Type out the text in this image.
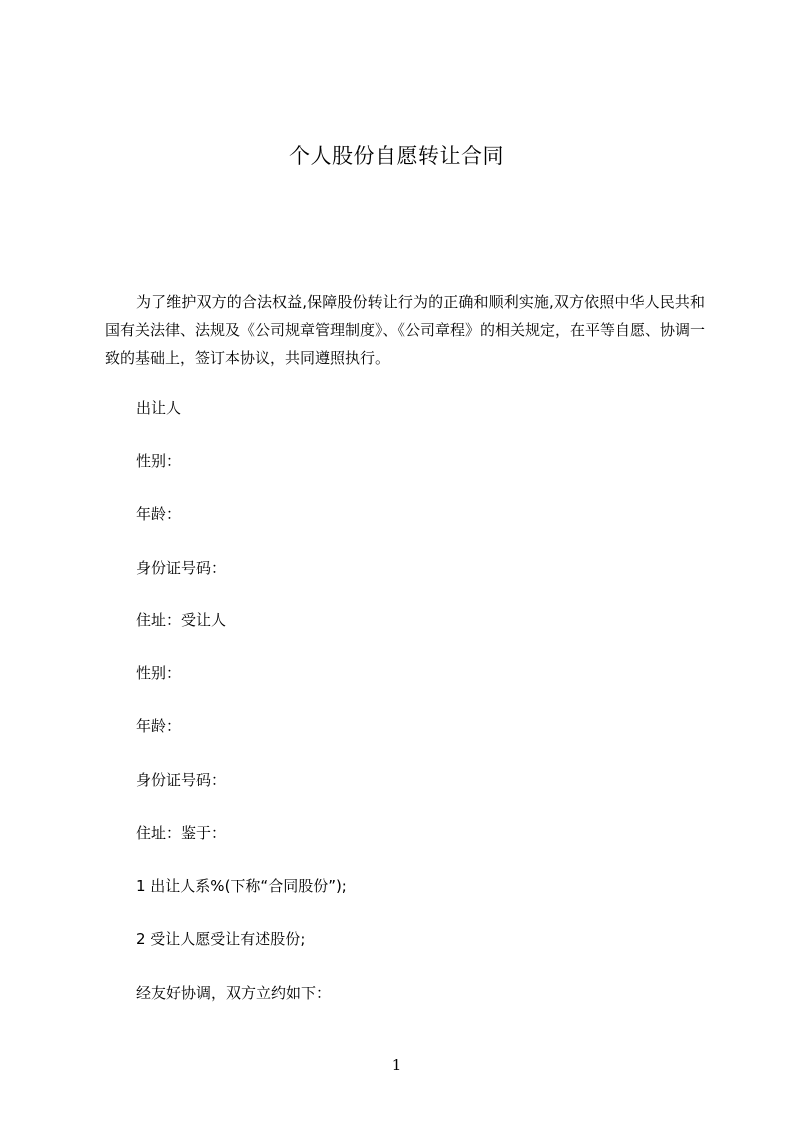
个人股份自愿转让合同

为了维护双方的合法权益,保障股份转让行为的正确和顺利实施,双方依照中华人民共和国有关法律、法规及《公司规章管理制度》、《公司章程》的相关规定，在平等自愿、协调一致的基础上，签订本协议，共同遵照执行。

出让人
性别：
年龄：
身份证号码：
住址：受让人
性别：
年龄：
身份证号码：
住址：鉴于：
1 出让人系%(下称“合同股份”);
2 受让人愿受让有述股份;
经友好协调，双方立约如下：
1
